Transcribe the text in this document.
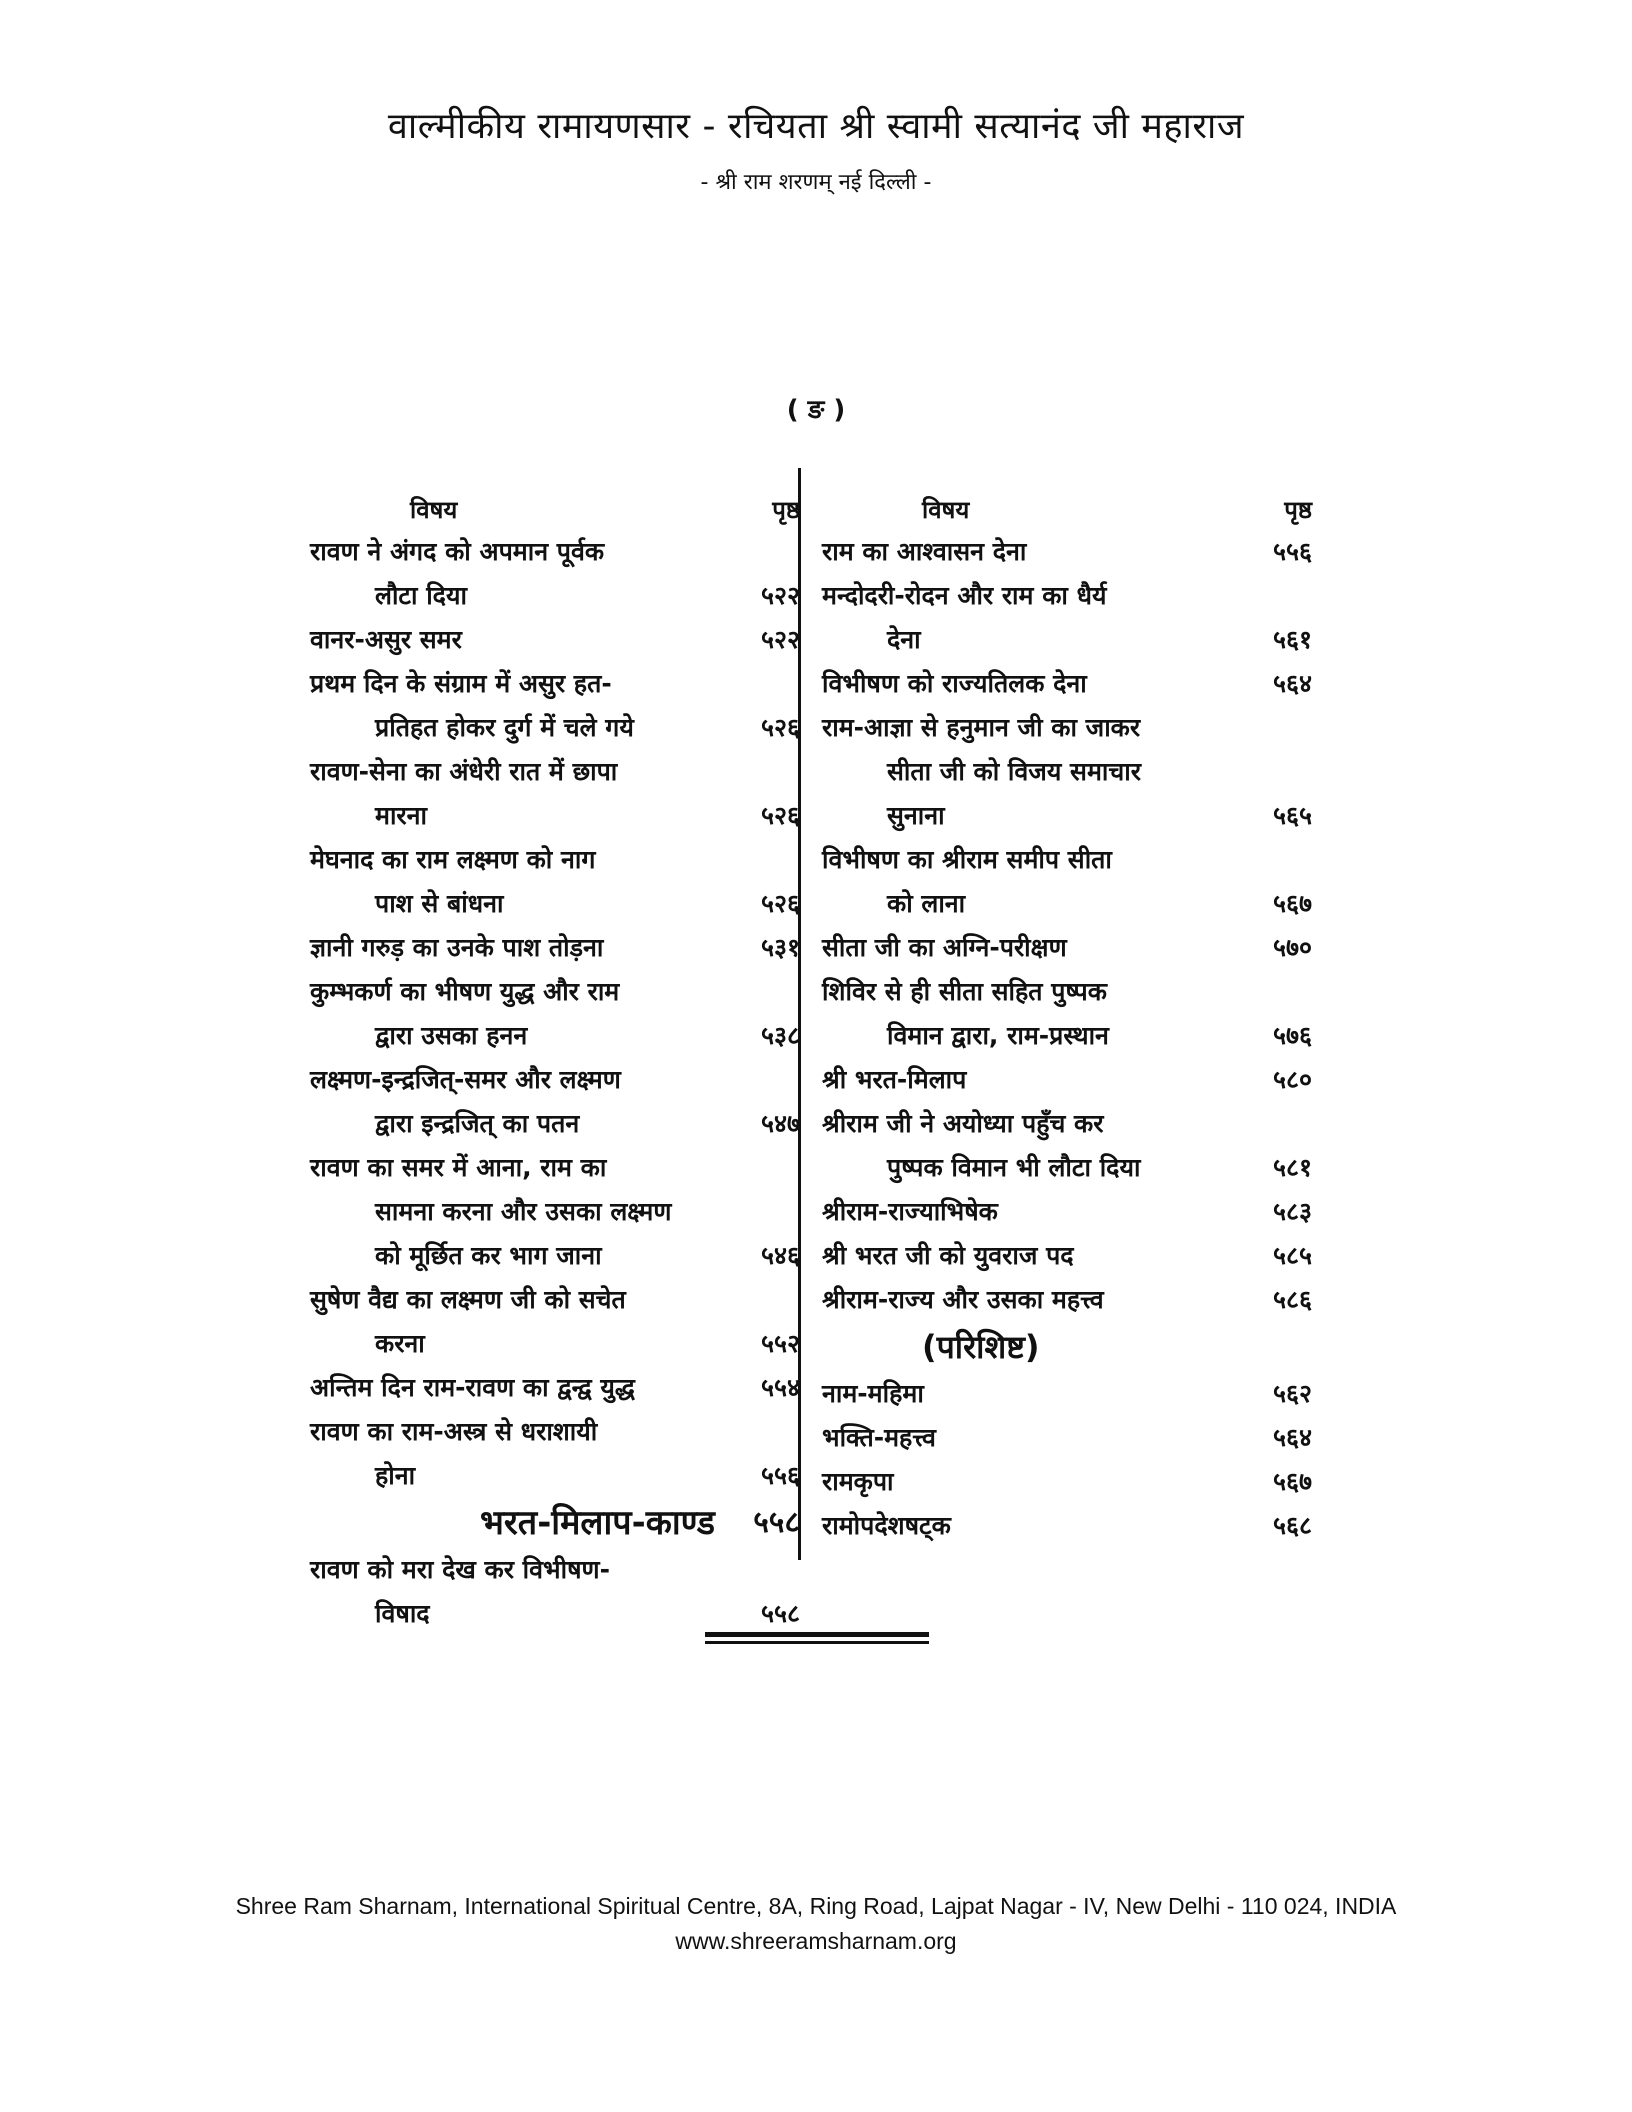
वाल्मीकीय रामायणसार - रचियता श्री स्वामी सत्यानंद जी महाराज
- श्री राम शरणम् नई दिल्ली -
( ङ )
विषय	पृष्ठ
रावण ने अंगद को अपमान पूर्वक
लौटा दिया	५२२
वानर-असुर समर	५२२
प्रथम दिन के संग्राम में असुर हत-
प्रतिहत होकर दुर्ग में चले गये	५२६
रावण-सेना का अंधेरी रात में छापा
मारना	५२६
मेघनाद का राम लक्ष्मण को नाग
पाश से बांधना	५२६
ज्ञानी गरुड़ का उनके पाश तोड़ना	५३१
कुम्भकर्ण का भीषण युद्ध और राम
द्वारा उसका हनन	५३८
लक्ष्मण-इन्द्रजित्-समर और लक्ष्मण
द्वारा इन्द्रजित् का पतन	५४७
रावण का समर में आना, राम का
सामना करना और उसका लक्ष्मण
को मूर्छित कर भाग जाना	५४६
सुषेण वैद्य का लक्ष्मण जी को सचेत
करना	५५२
अन्तिम दिन राम-रावण का द्वन्द्व युद्ध	५५४
रावण का राम-अस्त्र से धराशायी
होना	५५६
भरत-मिलाप-काण्ड ५५८
रावण को मरा देख कर विभीषण-
विषाद	५५८
विषय	पृष्ठ
राम का आश्वासन देना	५५६
मन्दोदरी-रोदन और राम का धैर्य
देना	५६१
विभीषण को राज्यतिलक देना	५६४
राम-आज्ञा से हनुमान जी का जाकर
सीता जी को विजय समाचार
सुनाना	५६५
विभीषण का श्रीराम समीप सीता
को लाना	५६७
सीता जी का अग्नि-परीक्षण	५७०
शिविर से ही सीता सहित पुष्पक
विमान द्वारा, राम-प्रस्थान	५७६
श्री भरत-मिलाप	५८०
श्रीराम जी ने अयोध्या पहुँच कर
पुष्पक विमान भी लौटा दिया	५८१
श्रीराम-राज्याभिषेक	५८३
श्री भरत जी को युवराज पद	५८५
श्रीराम-राज्य और उसका महत्त्व	५८६
(परिशिष्ट)
नाम-महिमा	५६२
भक्ति-महत्त्व	५६४
रामकृपा	५६७
रामोपदेशषट्क	५६८
Shree Ram Sharnam, International Spiritual Centre, 8A, Ring Road, Lajpat Nagar - IV, New Delhi - 110 024, INDIA
www.shreeramsharnam.org
